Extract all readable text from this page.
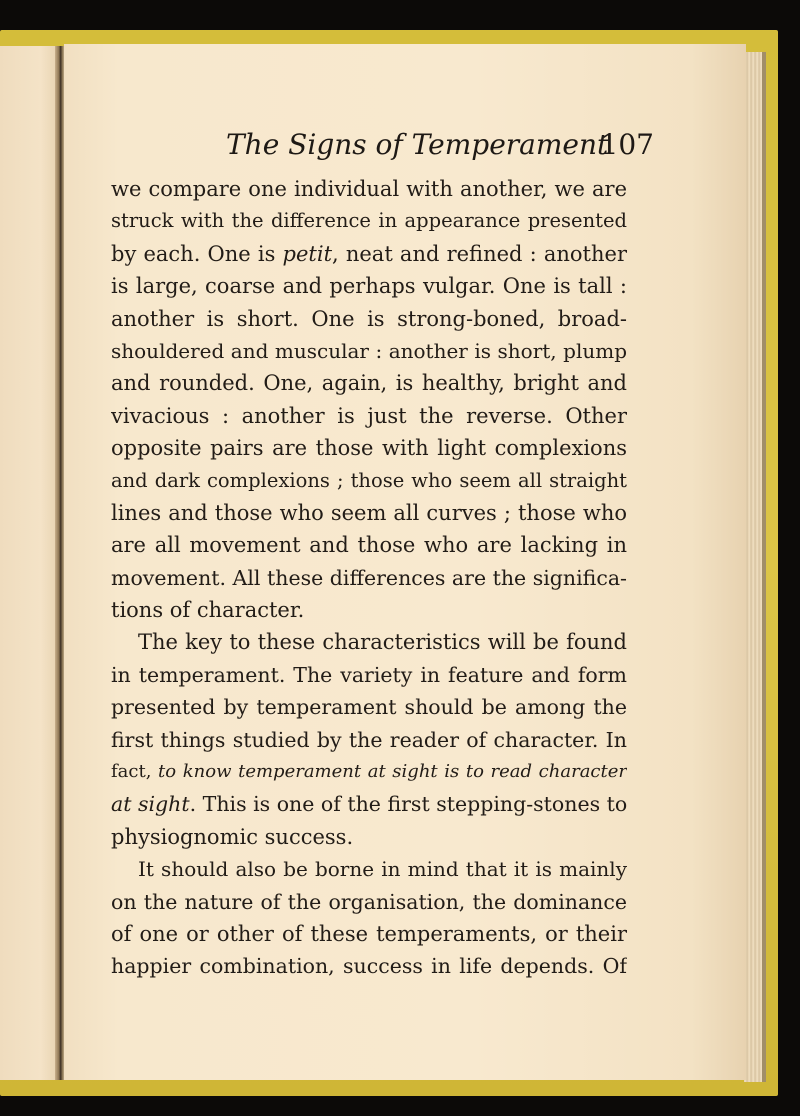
The Signs of Temperament
107
we compare one individual with another, we are
struck with the difference in appearance presented
by each. One is petit, neat and refined : another
is large, coarse and perhaps vulgar. One is tall :
another is short. One is strong-boned, broad-
shouldered and muscular : another is short, plump
and rounded. One, again, is healthy, bright and
vivacious : another is just the reverse. Other
opposite pairs are those with light complexions
and dark complexions ; those who seem all straight
lines and those who seem all curves ; those who
are all movement and those who are lacking in
movement. All these differences are the significa-
tions of character.
The key to these characteristics will be found
in temperament. The variety in feature and form
presented by temperament should be among the
first things studied by the reader of character. In
fact, to know temperament at sight is to read character
at sight. This is one of the first stepping-stones to
physiognomic success.
It should also be borne in mind that it is mainly
on the nature of the organisation, the dominance
of one or other of these temperaments, or their
happier combination, success in life depends. Of
